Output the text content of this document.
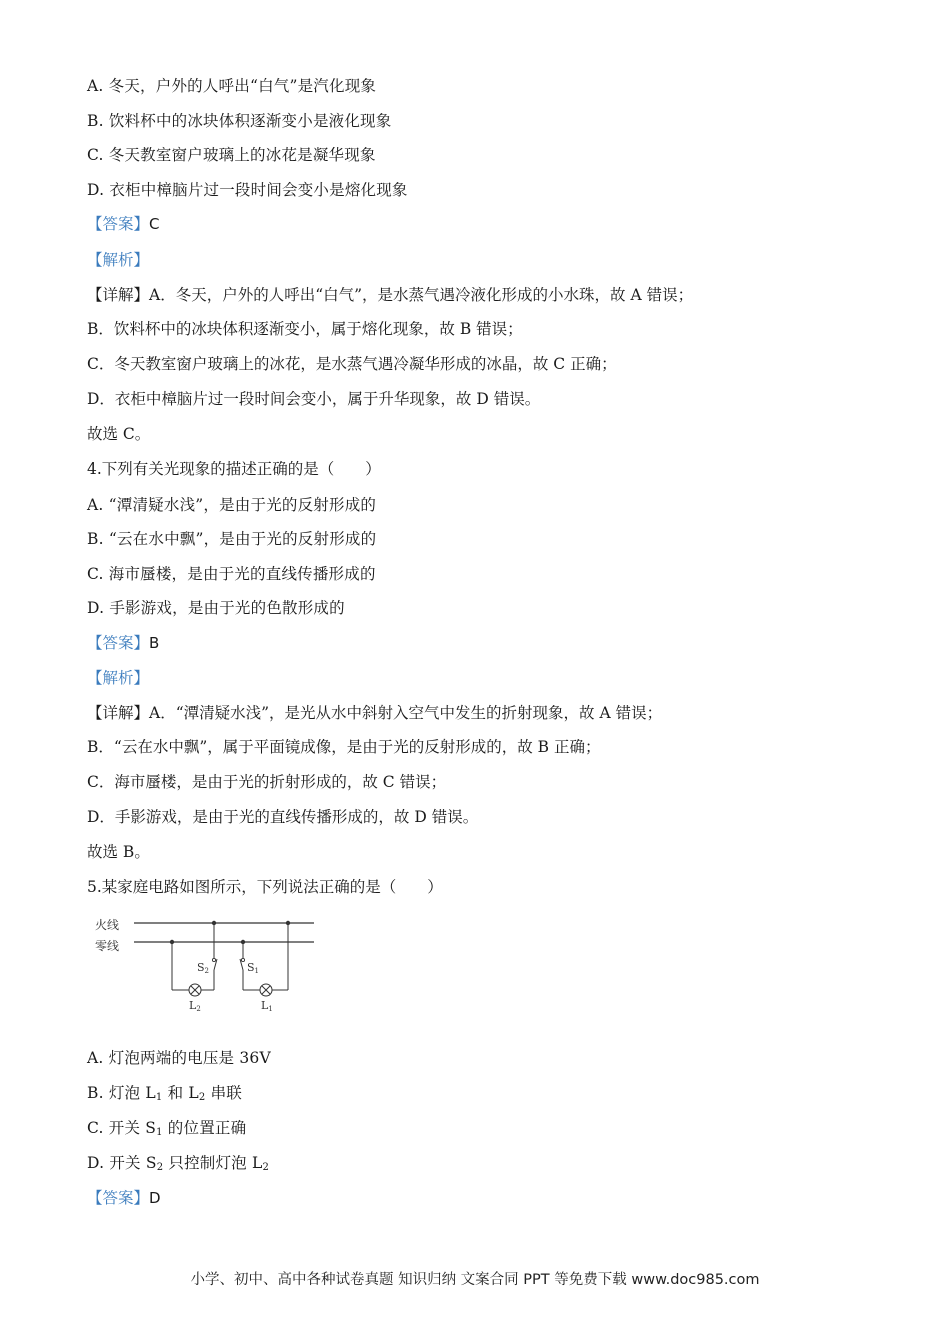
A. 冬天，户外的人呼出“白气”是汽化现象
B. 饮料杯中的冰块体积逐渐变小是液化现象
C. 冬天教室窗户玻璃上的冰花是凝华现象
D. 衣柜中樟脑片过一段时间会变小是熔化现象
【答案】C
【解析】
【详解】A．冬天，户外的人呼出“白气”，是水蒸气遇冷液化形成的小水珠，故 A 错误；
B．饮料杯中的冰块体积逐渐变小，属于熔化现象，故 B 错误；
C．冬天教室窗户玻璃上的冰花，是水蒸气遇冷凝华形成的冰晶，故 C 正确；
D．衣柜中樟脑片过一段时间会变小，属于升华现象，故 D 错误。
故选 C。
4.下列有关光现象的描述正确的是（　　）
A. “潭清疑水浅”，是由于光的反射形成的
B. “云在水中飘”，是由于光的反射形成的
C. 海市蜃楼，是由于光的直线传播形成的
D. 手影游戏，是由于光的色散形成的
【答案】B
【解析】
【详解】A．“潭清疑水浅”，是光从水中斜射入空气中发生的折射现象，故 A 错误；
B．“云在水中飘”，属于平面镜成像，是由于光的反射形成的，故 B 正确；
C．海市蜃楼，是由于光的折射形成的，故 C 错误；
D．手影游戏，是由于光的直线传播形成的，故 D 错误。
故选 B。
5.某家庭电路如图所示，下列说法正确的是（　　）
火线
零线
S2
L2
S1
L1
A. 灯泡两端的电压是 36V
B. 灯泡 $L_1$ 和 $L_2$ 串联
C. 开关 $S_1$ 的位置正确
D. 开关 $S_2$ 只控制灯泡 $L_2$
【答案】D
小学、初中、高中各种试卷真题 知识归纳 文案合同 PPT 等免费下载 www.doc985.com
